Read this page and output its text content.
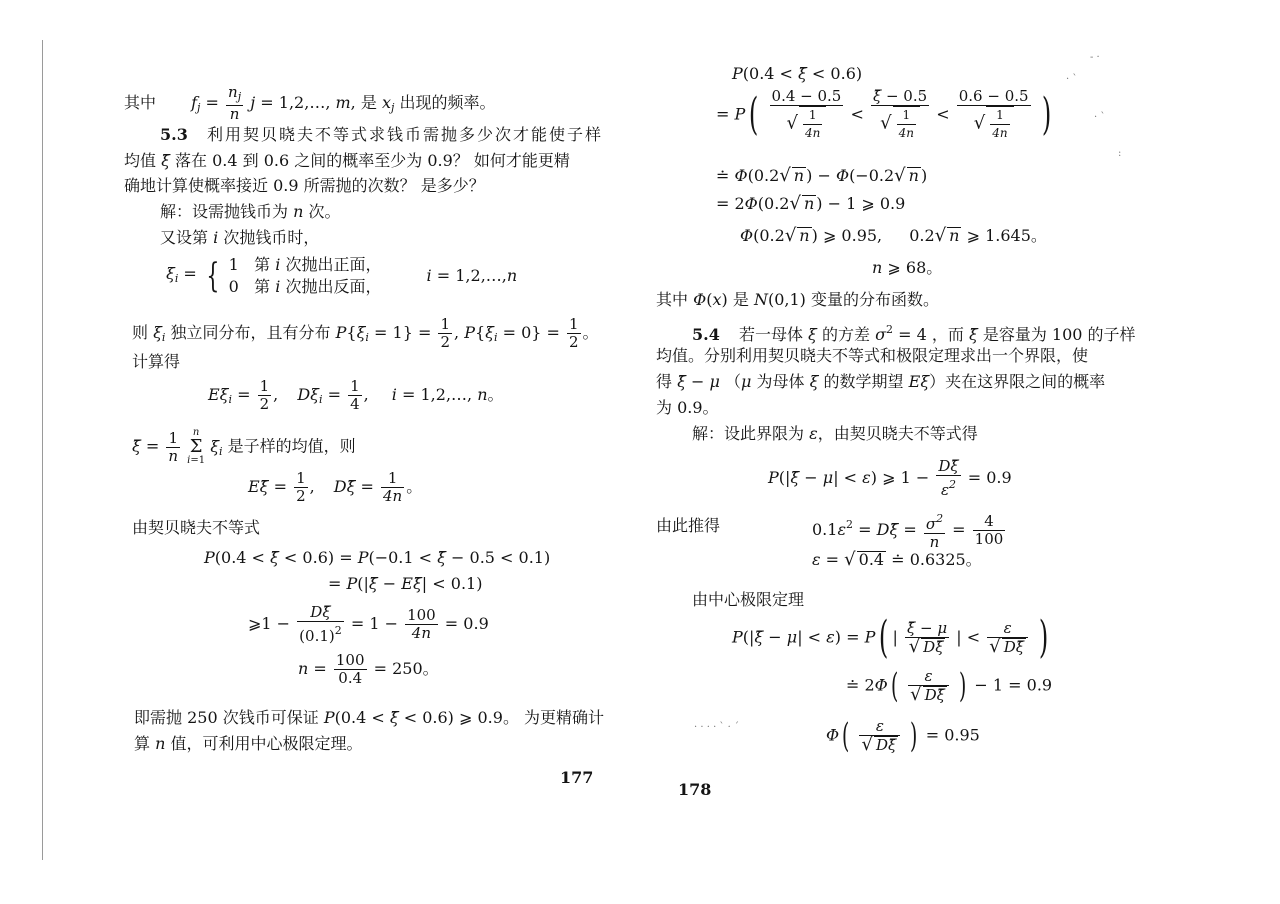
其中 $f_j = \frac{n_j}{n}$ j = 1,2,…, m, 是 $x_j$ 出现的频率。
5.3 利用契贝晓夫不等式求钱币需抛多少次才能使子样
均值 ξ̄ 落在 0.4 到 0.6 之间的概率至少为 0.9？ 如何才能更精
确地计算使概率接近 0.9 所需抛的次数？ 是多少？
解：设需抛钱币为 n 次。
又设第 i 次抛钱币时，
$\xi_i$ = { 1   第 i 次抛出正面，
0   第 i 次抛出反面，
i = 1,2,…,n
则 $\xi_i$ 独立同分布，且有分布 $P\{\xi_i = 1\} = \frac{1}{2}$ , $P\{\xi_i = 0\} = \frac{1}{2}$ 。
计算得
$E\xi_i = \frac{1}{2}$ , $D\xi_i = \frac{1}{4}$ , i = 1,2,…, n。
ξ̄ = $\frac{1}{n}$
	n
Σ
i=1
$\xi_i$ 是子样的均值，则
Eξ̄ = $\frac{1}{2}$ , Dξ̄ = $\frac{1}{4n}$ 。
由契贝晓夫不等式
P(0.4 < ξ̄ < 0.6) = P(−0.1 < ξ̄ − 0.5 < 0.1)
= P(|ξ̄ − Eξ̄| < 0.1)
⩾1 − $\frac{D\xī}{(0.1)^2} = 1 - \frac{100}{4n} = 0.9$
$n = \frac{100}{0.4} = 250$。
即需抛 250 次钱币可保证 P(0.4 < ξ̄ < 0.6) ⩾ 0.9。 为更精确计
算 n 值，可利用中心极限定理。
177
P(0.4 < ξ̄ < 0.6)
= $P( \frac{0.4 - 0.5}{√ \frac{1}{4n}} < \frac{\xī - 0.5}{√ \frac{1}{4n}} < \frac{0.6 - 0.5}{√ \frac{1}{4n}}$ )
≐ Φ(0.2√ n ) − Φ(−0.2√ n )
= 2Φ(0.2√ n ) − 1 ⩾ 0.9
Φ(0.2√ n ) ⩾ 0.95, 0.2√ n ⩾ 1.645。
n ⩾ 68。
其中 Φ(x) 是 N(0,1) 变量的分布函数。
5.4 若一母体 ξ 的方差 $\sigma^2 = 4$ ，而 ξ̄ 是容量为 100 的子样
均值。分别利用契贝晓夫不等式和极限定理求出一个界限，使
得 ξ̄ − μ （μ 为母体 ξ 的数学期望 Eξ）夹在这界限之间的概率
为 0.9。
解：设此界限为 ε，由契贝晓夫不等式得
P(|ξ̄ − μ| < ε) ⩾ $1 - \frac{D\xī}{\varepsilon^2} = 0.9$
由此推得	$0.1\varepsilon^2$ = Dξ̄ = $\frac{\sigma^2}{n} = \frac{4}{100}$
ε = √ 0.4 ≐ 0.6325。
由中心极限定理
P(|ξ̄ − μ| < ε) = P( | $\frac{\xī - \mu}{√ D\xī}$ | < $\frac{\varepsilon}{√ D\xī}$ )
≐ $2\Phi( \frac{\varepsilon}{√ D\xī}$ ) − 1 = 0.9
$\Phi( \frac{\varepsilon}{√ D\xī}$ ) = 0.95
178
‐ ·
· ˋ
· ˋ
:
· · · · ˋ · ˊ
